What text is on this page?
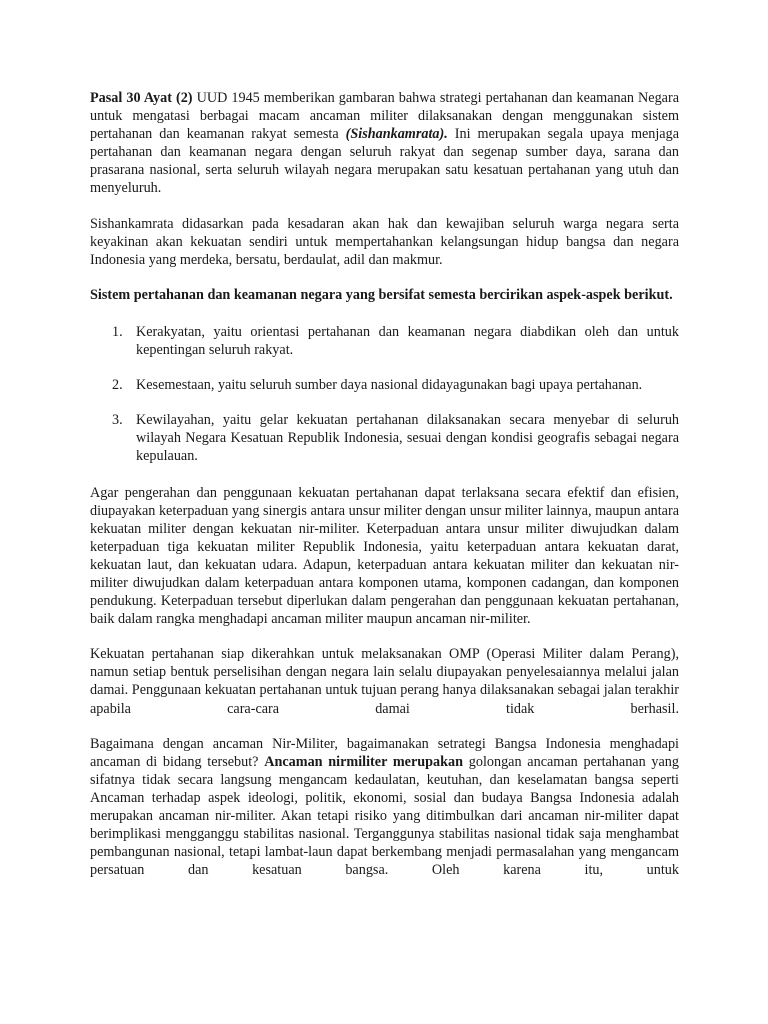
Pasal 30 Ayat (2) UUD 1945 memberikan gambaran bahwa strategi pertahanan dan keamanan Negara untuk mengatasi berbagai macam ancaman militer dilaksanakan dengan menggunakan sistem pertahanan dan keamanan rakyat semesta (Sishankamrata). Ini merupakan segala upaya menjaga pertahanan dan keamanan negara dengan seluruh rakyat dan segenap sumber daya, sarana dan prasarana nasional, serta seluruh wilayah negara merupakan satu kesatuan pertahanan yang utuh dan menyeluruh.

Sishankamrata didasarkan pada kesadaran akan hak dan kewajiban seluruh warga negara serta keyakinan akan kekuatan sendiri untuk mempertahankan kelangsungan hidup bangsa dan negara Indonesia yang merdeka, bersatu, berdaulat, adil dan makmur.

Sistem pertahanan dan keamanan negara yang bersifat semesta bercirikan aspek-aspek berikut.

1. Kerakyatan, yaitu orientasi pertahanan dan keamanan negara diabdikan oleh dan untuk kepentingan seluruh rakyat.
2. Kesemestaan, yaitu seluruh sumber daya nasional didayagunakan bagi upaya pertahanan.
3. Kewilayahan, yaitu gelar kekuatan pertahanan dilaksanakan secara menyebar di seluruh wilayah Negara Kesatuan Republik Indonesia, sesuai dengan kondisi geografis sebagai negara kepulauan.

Agar pengerahan dan penggunaan kekuatan pertahanan dapat terlaksana secara efektif dan efisien, diupayakan keterpaduan yang sinergis antara unsur militer dengan unsur militer lainnya, maupun antara kekuatan militer dengan kekuatan nir-militer. Keterpaduan antara unsur militer diwujudkan dalam keterpaduan tiga kekuatan militer Republik Indonesia, yaitu keterpaduan antara kekuatan darat, kekuatan laut, dan kekuatan udara. Adapun, keterpaduan antara kekuatan militer dan kekuatan nir-militer diwujudkan dalam keterpaduan antara komponen utama, komponen cadangan, dan komponen pendukung. Keterpaduan tersebut diperlukan dalam pengerahan dan penggunaan kekuatan pertahanan, baik dalam rangka menghadapi ancaman militer maupun ancaman nir-militer.

Kekuatan pertahanan siap dikerahkan untuk melaksanakan OMP (Operasi Militer dalam Perang), namun setiap bentuk perselisihan dengan negara lain selalu diupayakan penyelesaiannya melalui jalan damai. Penggunaan kekuatan pertahanan untuk tujuan perang hanya dilaksanakan sebagai jalan terakhir apabila cara-cara damai tidak berhasil.

Bagaimana dengan ancaman Nir-Militer, bagaimanakan setrategi Bangsa Indonesia menghadapi ancaman di bidang tersebut? Ancaman nirmiliter merupakan golongan ancaman pertahanan yang sifatnya tidak secara langsung mengancam kedaulatan, keutuhan, dan keselamatan bangsa seperti Ancaman terhadap aspek ideologi, politik, ekonomi, sosial dan budaya Bangsa Indonesia adalah merupakan ancaman nir-militer. Akan tetapi risiko yang ditimbulkan dari ancaman nir-militer dapat berimplikasi mengganggu stabilitas nasional. Terganggunya stabilitas nasional tidak saja menghambat pembangunan nasional, tetapi lambat-laun dapat berkembang menjadi permasalahan yang mengancam persatuan dan kesatuan bangsa. Oleh karena itu, untuk
